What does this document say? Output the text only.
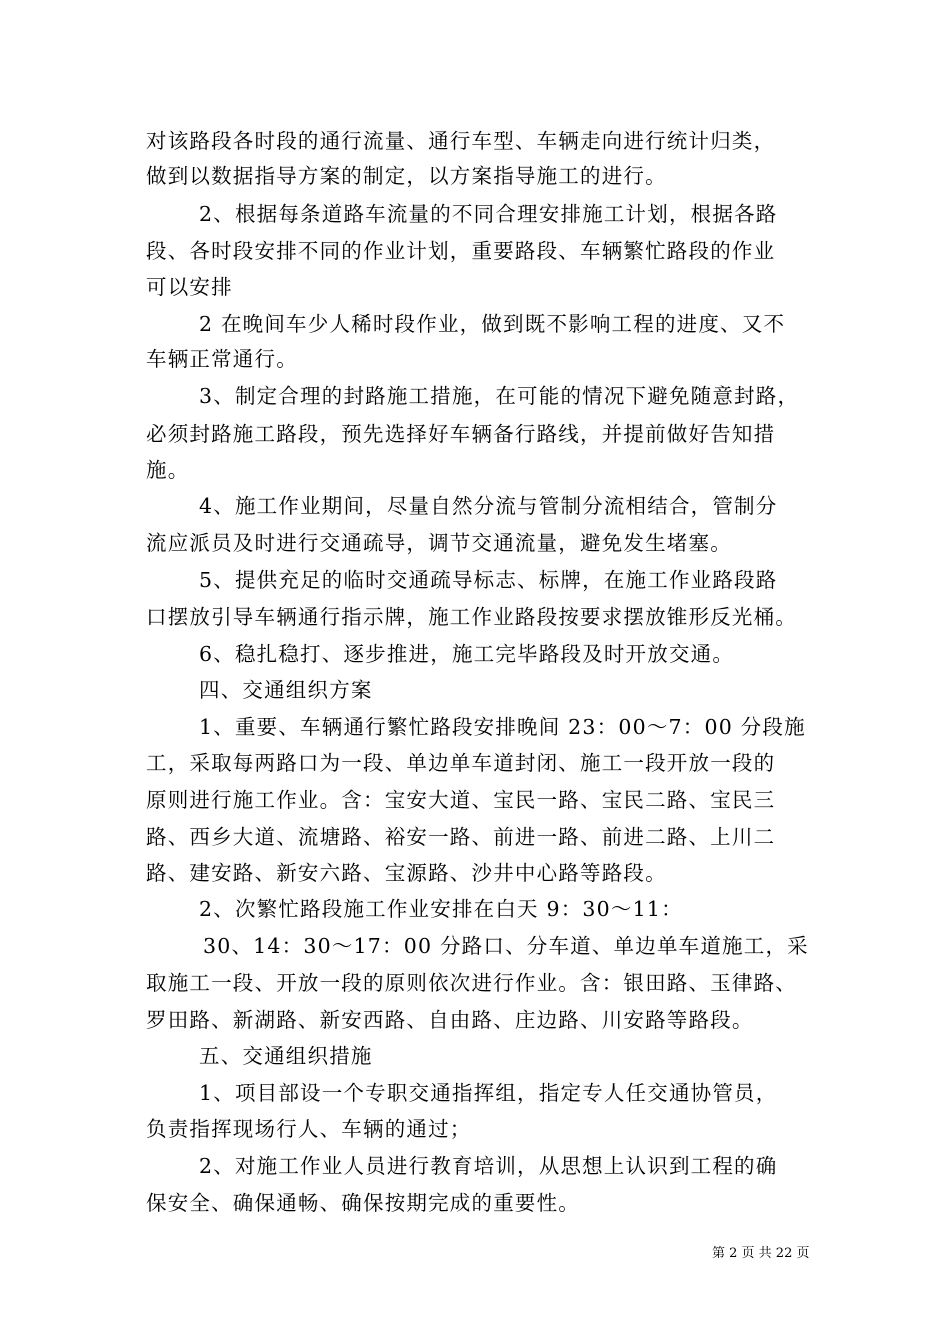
对该路段各时段的通行流量、通行车型、车辆走向进行统计归类，
做到以数据指导方案的制定，以方案指导施工的进行。
2、根据每条道路车流量的不同合理安排施工计划，根据各路
段、各时段安排不同的作业计划，重要路段、车辆繁忙路段的作业
可以安排
2 在晚间车少人稀时段作业，做到既不影响工程的进度、又不
车辆正常通行。
3、制定合理的封路施工措施，在可能的情况下避免随意封路，
必须封路施工路段，预先选择好车辆备行路线，并提前做好告知措
施。
4、施工作业期间，尽量自然分流与管制分流相结合，管制分
流应派员及时进行交通疏导，调节交通流量，避免发生堵塞。
5、提供充足的临时交通疏导标志、标牌，在施工作业路段路
口摆放引导车辆通行指示牌，施工作业路段按要求摆放锥形反光桶。
6、稳扎稳打、逐步推进，施工完毕路段及时开放交通。
四、交通组织方案
1、重要、车辆通行繁忙路段安排晚间 23：00～7：00 分段施
工，采取每两路口为一段、单边单车道封闭、施工一段开放一段的
原则进行施工作业。含：宝安大道、宝民一路、宝民二路、宝民三
路、西乡大道、流塘路、裕安一路、前进一路、前进二路、上川二
路、建安路、新安六路、宝源路、沙井中心路等路段。
2、次繁忙路段施工作业安排在白天 9：30～11：
30、14：30～17：00 分路口、分车道、单边单车道施工，采
取施工一段、开放一段的原则依次进行作业。含：银田路、玉律路、
罗田路、新湖路、新安西路、自由路、庄边路、川安路等路段。
五、交通组织措施
1、项目部设一个专职交通指挥组，指定专人任交通协管员，
负责指挥现场行人、车辆的通过；
2、对施工作业人员进行教育培训，从思想上认识到工程的确
保安全、确保通畅、确保按期完成的重要性。
第 2 页 共 22 页
